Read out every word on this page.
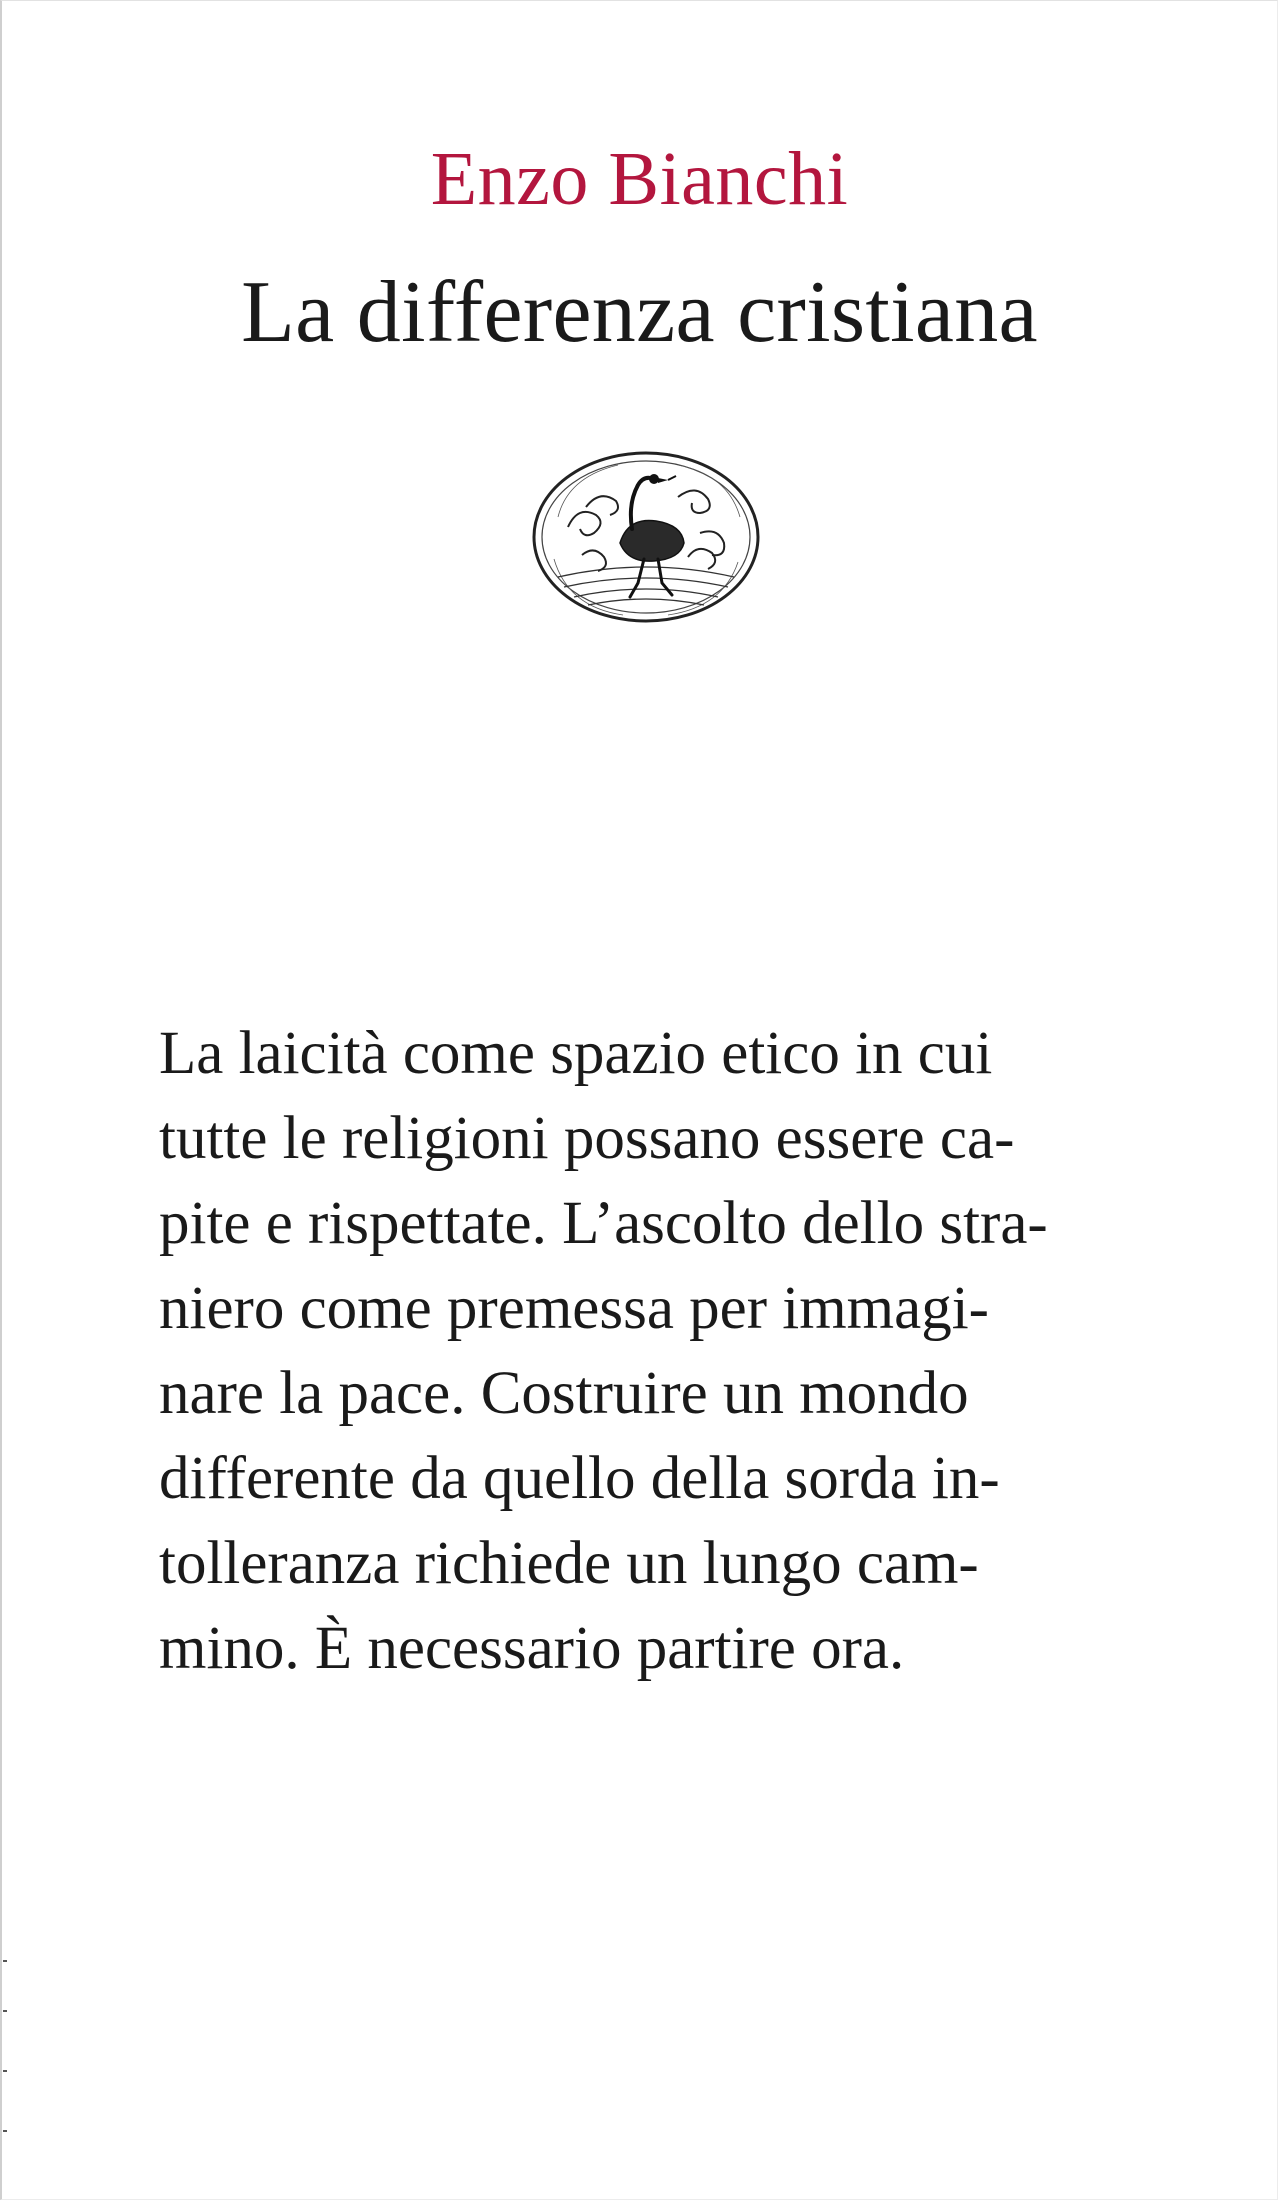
Enzo Bianchi
La differenza cristiana
La laicità come spazio etico in cui
tutte le religioni possano essere ca-
pite e rispettate. L’ascolto dello stra-
niero come premessa per immagi-
nare la pace. Costruire un mondo
differente da quello della sorda in-
tolleranza richiede un lungo cam-
mino. È necessario partire ora.
